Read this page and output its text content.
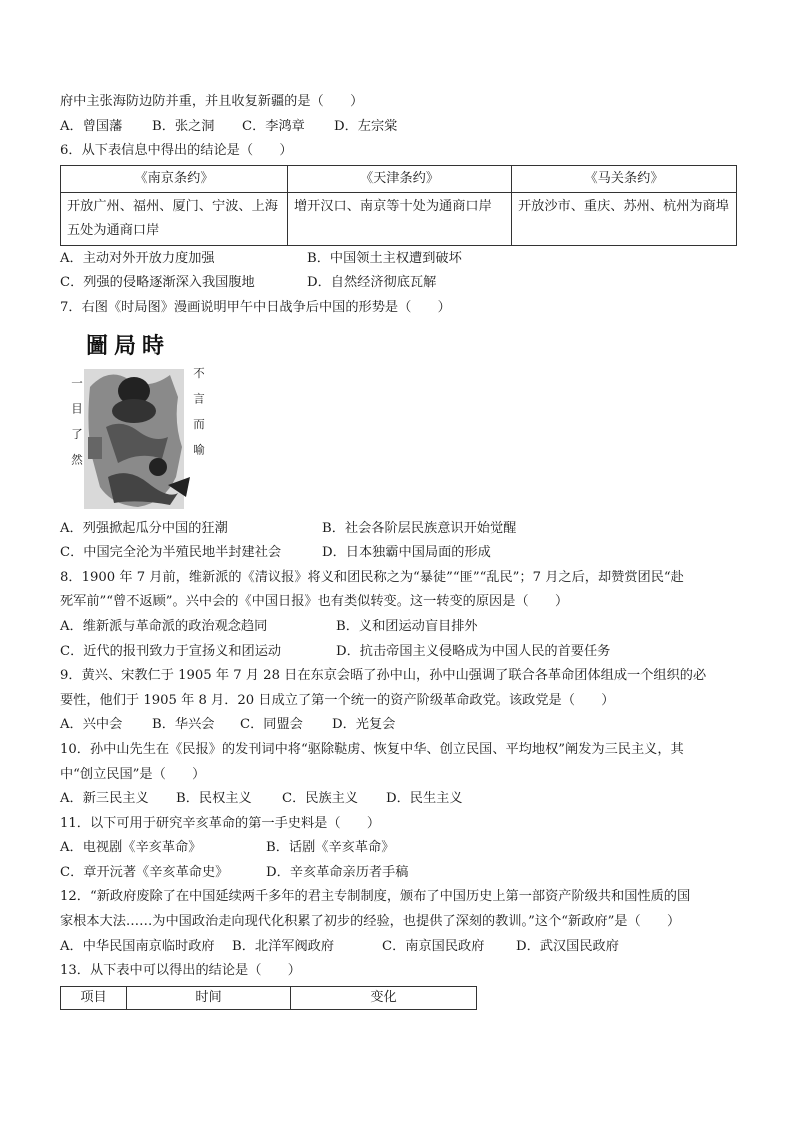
府中主张海防边防并重，并且收复新疆的是（　　）
A．曾国藩	B．张之洞	C．李鸿章	D．左宗棠
6．从下表信息中得出的结论是（　　）
《南京条约》	《天津条约》	《马关条约》
开放广州、福州、厦门、宁波、上海五处为通商口岸	增开汉口、南京等十处为通商口岸	开放沙市、重庆、苏州、杭州为商埠
A．主动对外开放力度加强	B．中国领土主权遭到破坏
C．列强的侵略逐渐深入我国腹地	D．自然经济彻底瓦解
7．右图《时局图》漫画说明甲午中日战争后中国的形势是（　　）
圖局時
一目了然	不言而喻
A．列强掀起瓜分中国的狂潮	B．社会各阶层民族意识开始觉醒
C．中国完全沦为半殖民地半封建社会	D．日本独霸中国局面的形成
8．1900 年 7 月前，维新派的《清议报》将义和团民称之为“暴徒”“匪”“乱民”；7 月之后，却赞赏团民“赴
死军前”“曾不返顾”。兴中会的《中国日报》也有类似转变。这一转变的原因是（　　）
A．维新派与革命派的政治观念趋同	B．义和团运动盲目排外
C．近代的报刊致力于宣扬义和团运动	D．抗击帝国主义侵略成为中国人民的首要任务
9．黄兴、宋教仁于 1905 年 7 月 28 日在东京会晤了孙中山，孙中山强调了联合各革命团体组成一个组织的必
要性，他们于 1905 年 8 月．20 日成立了第一个统一的资产阶级革命政党。该政党是（　　）
A．兴中会	B．华兴会	C．同盟会	D．光复会
10．孙中山先生在《民报》的发刊词中将“驱除鞑虏、恢复中华、创立民国、平均地权”阐发为三民主义，其
中“创立民国”是（　　）
A．新三民主义	B．民权主义	C．民族主义	D．民生主义
11．以下可用于研究辛亥革命的第一手史料是（　　）
A．电视剧《辛亥革命》	B．话剧《辛亥革命》
C．章开沅著《辛亥革命史》	D．辛亥革命亲历者手稿
12．“新政府废除了在中国延续两千多年的君主专制制度，颁布了中国历史上第一部资产阶级共和国性质的国
家根本大法……为中国政治走向现代化积累了初步的经验，也提供了深刻的教训。”这个“新政府”是（　　）
A．中华民国南京临时政府	B．北洋军阀政府	C．南京国民政府	D．武汉国民政府
13．从下表中可以得出的结论是（　　）
项目	时间	变化
